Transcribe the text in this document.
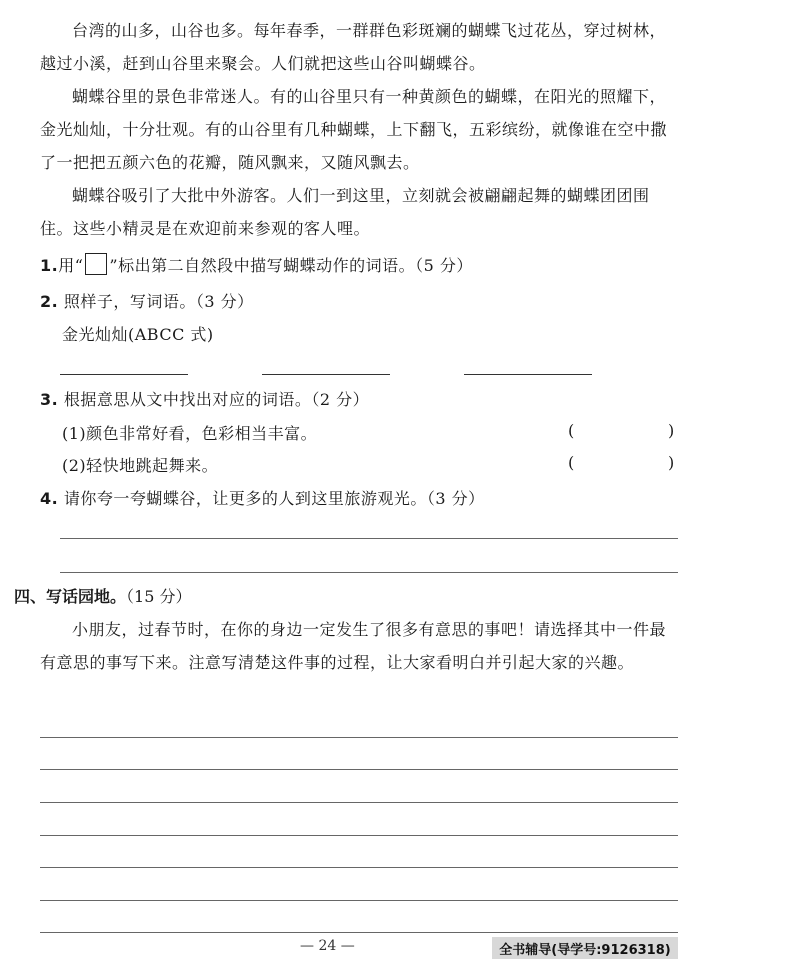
台湾的山多，山谷也多。每年春季，一群群色彩斑斓的蝴蝶飞过花丛，穿过树林，越过小溪，赶到山谷里来聚会。人们就把这些山谷叫蝴蝶谷。

蝴蝶谷里的景色非常迷人。有的山谷里只有一种黄颜色的蝴蝶，在阳光的照耀下，金光灿灿，十分壮观。有的山谷里有几种蝴蝶，上下翻飞，五彩缤纷，就像谁在空中撒了一把把五颜六色的花瓣，随风飘来，又随风飘去。

蝴蝶谷吸引了大批中外游客。人们一到这里，立刻就会被翩翩起舞的蝴蝶团团围住。这些小精灵是在欢迎前来参观的客人哩。

1.用“ ”标出第二自然段中描写蝴蝶动作的词语。（5 分）
2. 照样子，写词语。（3 分）
金光灿灿(ABCC 式)
3. 根据意思从文中找出对应的词语。（2 分）
(1)颜色非常好看，色彩相当丰富。	(	)
(2)轻快地跳起舞来。	(	)
4. 请你夸一夸蝴蝶谷，让更多的人到这里旅游观光。（3 分）
四、写话园地。（15 分）

小朋友，过春节时，在你的身边一定发生了很多有意思的事吧！请选择其中一件最有意思的事写下来。注意写清楚这件事的过程，让大家看明白并引起大家的兴趣。

— 24 —	全书辅导(导学号:9126318)
